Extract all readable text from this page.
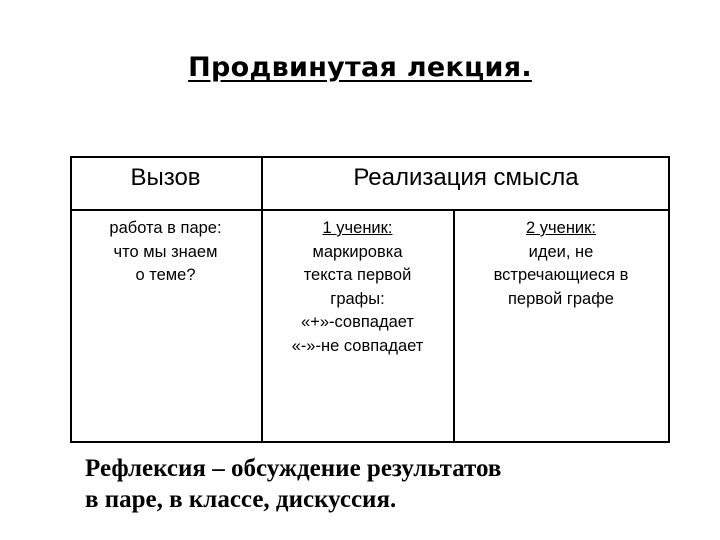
Продвинутая лекция.
Вызов	Реализация смысла
работа в паре:
что мы знаем
о теме?
1 ученик:
маркировка
текста первой
графы:
«+»-совпадает
«-»-не совпадает
2 ученик:
идеи, не
встречающиеся в
первой графе
Рефлексия – обсуждение результатов
в паре, в классе, дискуссия.
